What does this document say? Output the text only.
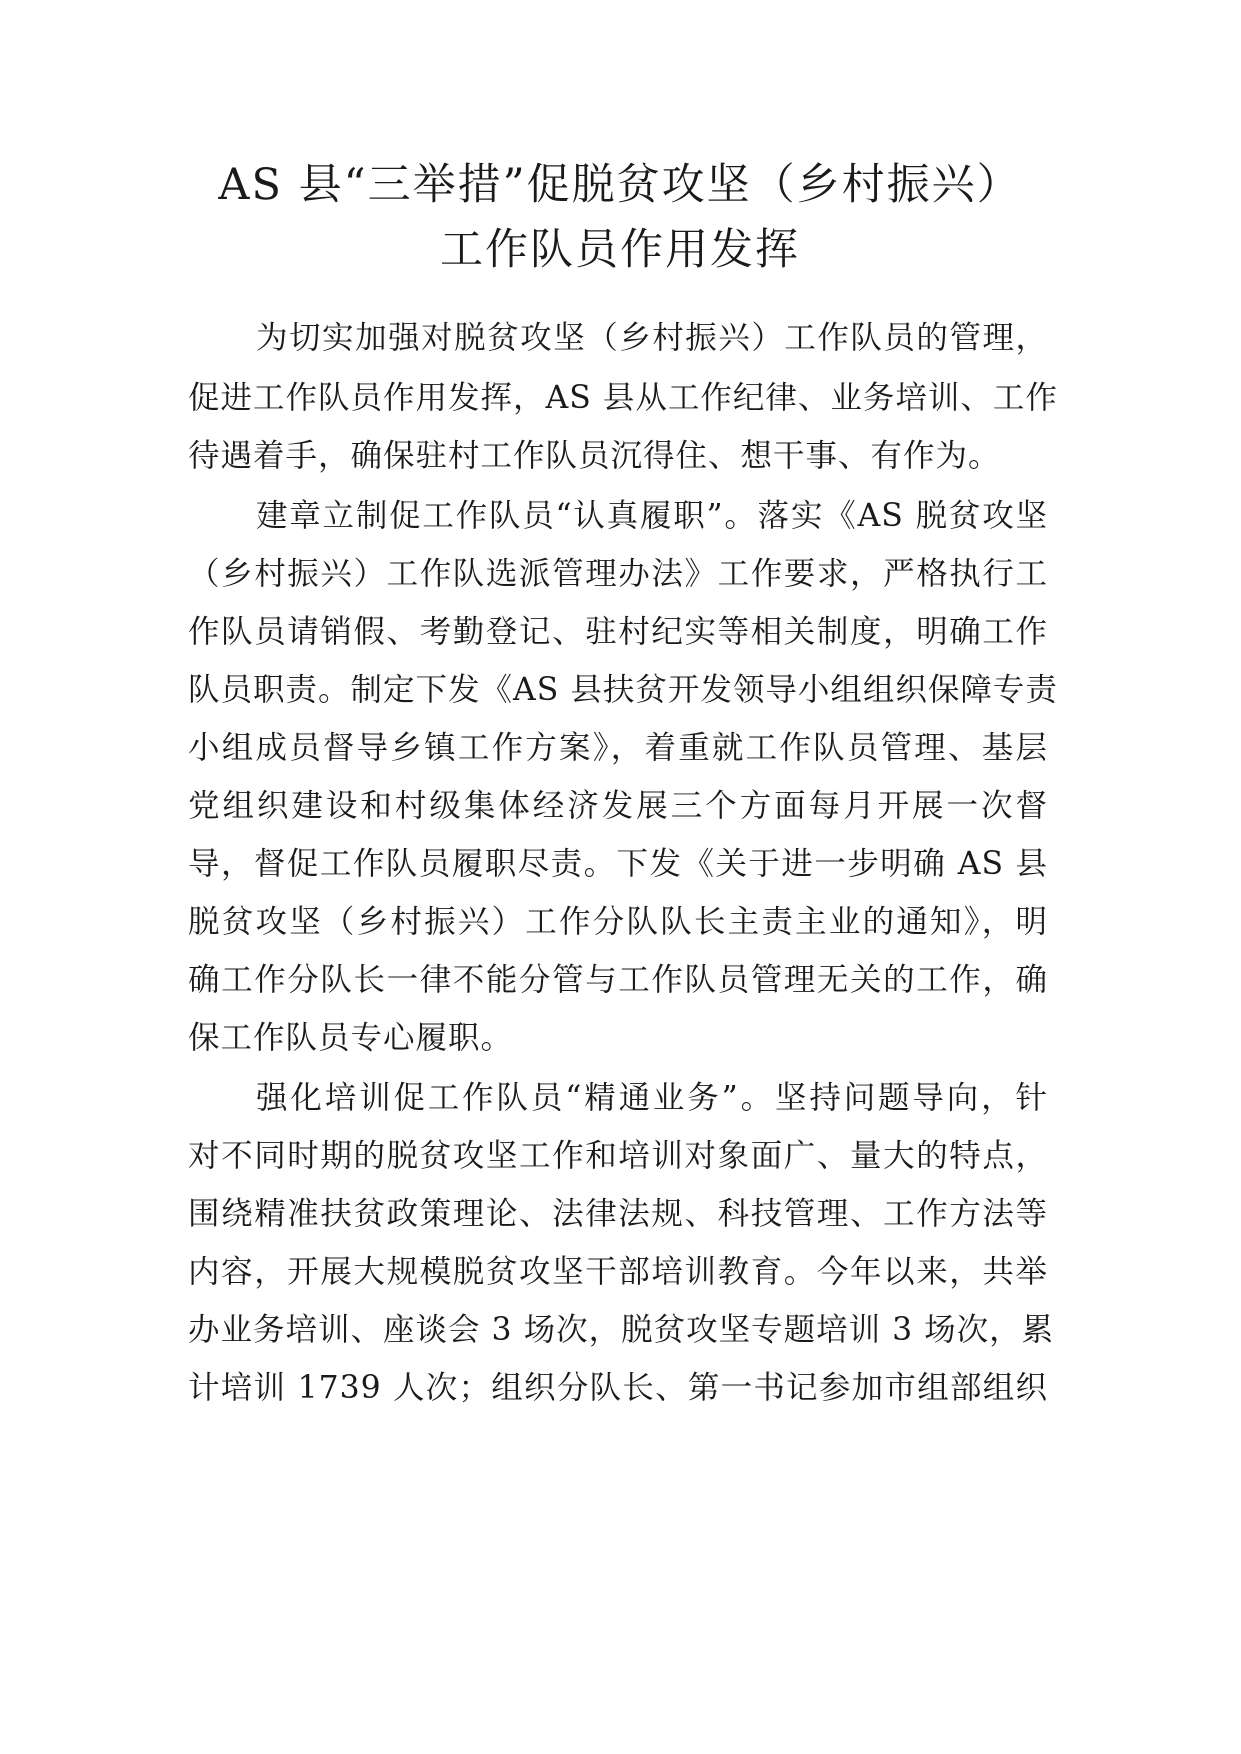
AS 县“三举措”促脱贫攻坚（乡村振兴）
工作队员作用发挥
为切实加强对脱贫攻坚（乡村振兴）工作队员的管理，
促进工作队员作用发挥，AS 县从工作纪律、业务培训、工作
待遇着手，确保驻村工作队员沉得住、想干事、有作为。
建章立制促工作队员“认真履职”。落实《AS 脱贫攻坚
（乡村振兴）工作队选派管理办法》工作要求，严格执行工
作队员请销假、考勤登记、驻村纪实等相关制度，明确工作
队员职责。制定下发《AS 县扶贫开发领导小组组织保障专责
小组成员督导乡镇工作方案》，着重就工作队员管理、基层
党组织建设和村级集体经济发展三个方面每月开展一次督
导，督促工作队员履职尽责。下发《关于进一步明确 AS 县
脱贫攻坚（乡村振兴）工作分队队长主责主业的通知》，明
确工作分队长一律不能分管与工作队员管理无关的工作，确
保工作队员专心履职。
强化培训促工作队员“精通业务”。坚持问题导向，针
对不同时期的脱贫攻坚工作和培训对象面广、量大的特点，
围绕精准扶贫政策理论、法律法规、科技管理、工作方法等
内容，开展大规模脱贫攻坚干部培训教育。今年以来，共举
办业务培训、座谈会 3 场次，脱贫攻坚专题培训 3 场次，累
计培训 1739 人次；组织分队长、第一书记参加市组部组织
